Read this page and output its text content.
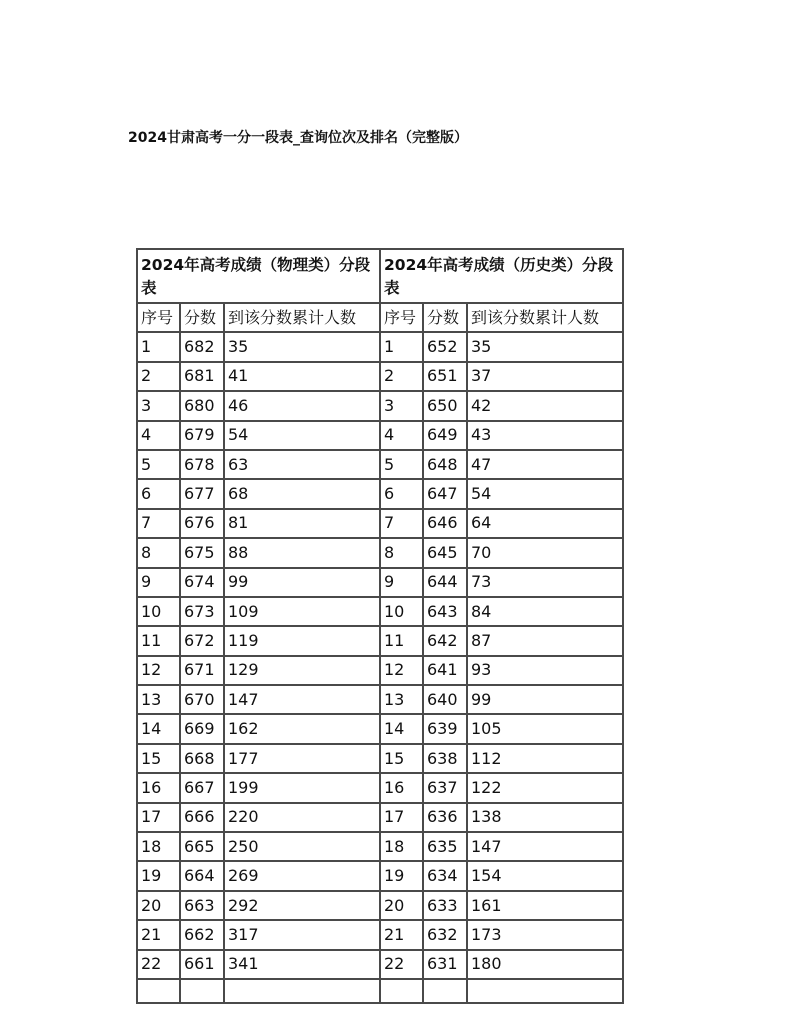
2024甘肃高考一分一段表_查询位次及排名（完整版）
2024年高考成绩（物理类）分段表			2024年高考成绩（历史类）分段表		
序号	分数	到该分数累计人数	序号	分数	到该分数累计人数
1	682	35	1	652	35
2	681	41	2	651	37
3	680	46	3	650	42
4	679	54	4	649	43
5	678	63	5	648	47
6	677	68	6	647	54
7	676	81	7	646	64
8	675	88	8	645	70
9	674	99	9	644	73
10	673	109	10	643	84
11	672	119	11	642	87
12	671	129	12	641	93
13	670	147	13	640	99
14	669	162	14	639	105
15	668	177	15	638	112
16	667	199	16	637	122
17	666	220	17	636	138
18	665	250	18	635	147
19	664	269	19	634	154
20	663	292	20	633	161
21	662	317	21	632	173
22	661	341	22	631	180
